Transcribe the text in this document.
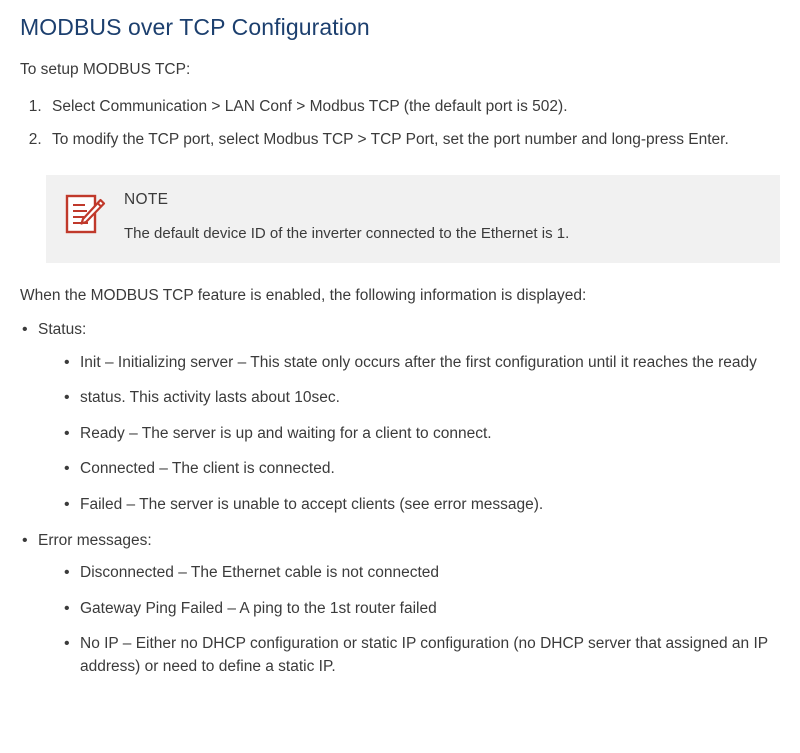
MODBUS over TCP Configuration

To setup MODBUS TCP:

1. Select Communication > LAN Conf > Modbus TCP (the default port is 502).
2. To modify the TCP port, select Modbus TCP > TCP Port, set the port number and long-press Enter.
NOTE

The default device ID of the inverter connected to the Ethernet is 1.

When the MODBUS TCP feature is enabled, the following information is displayed:

• Status:
• Init – Initializing server – This state only occurs after the first configuration until it reaches the ready
• status. This activity lasts about 10sec.
• Ready – The server is up and waiting for a client to connect.
• Connected – The client is connected.
• Failed – The server is unable to accept clients (see error message).
• Error messages:
• Disconnected – The Ethernet cable is not connected
• Gateway Ping Failed – A ping to the 1st router failed
• No IP – Either no DHCP configuration or static IP configuration (no DHCP server that assigned an IP address) or need to define a static IP.
